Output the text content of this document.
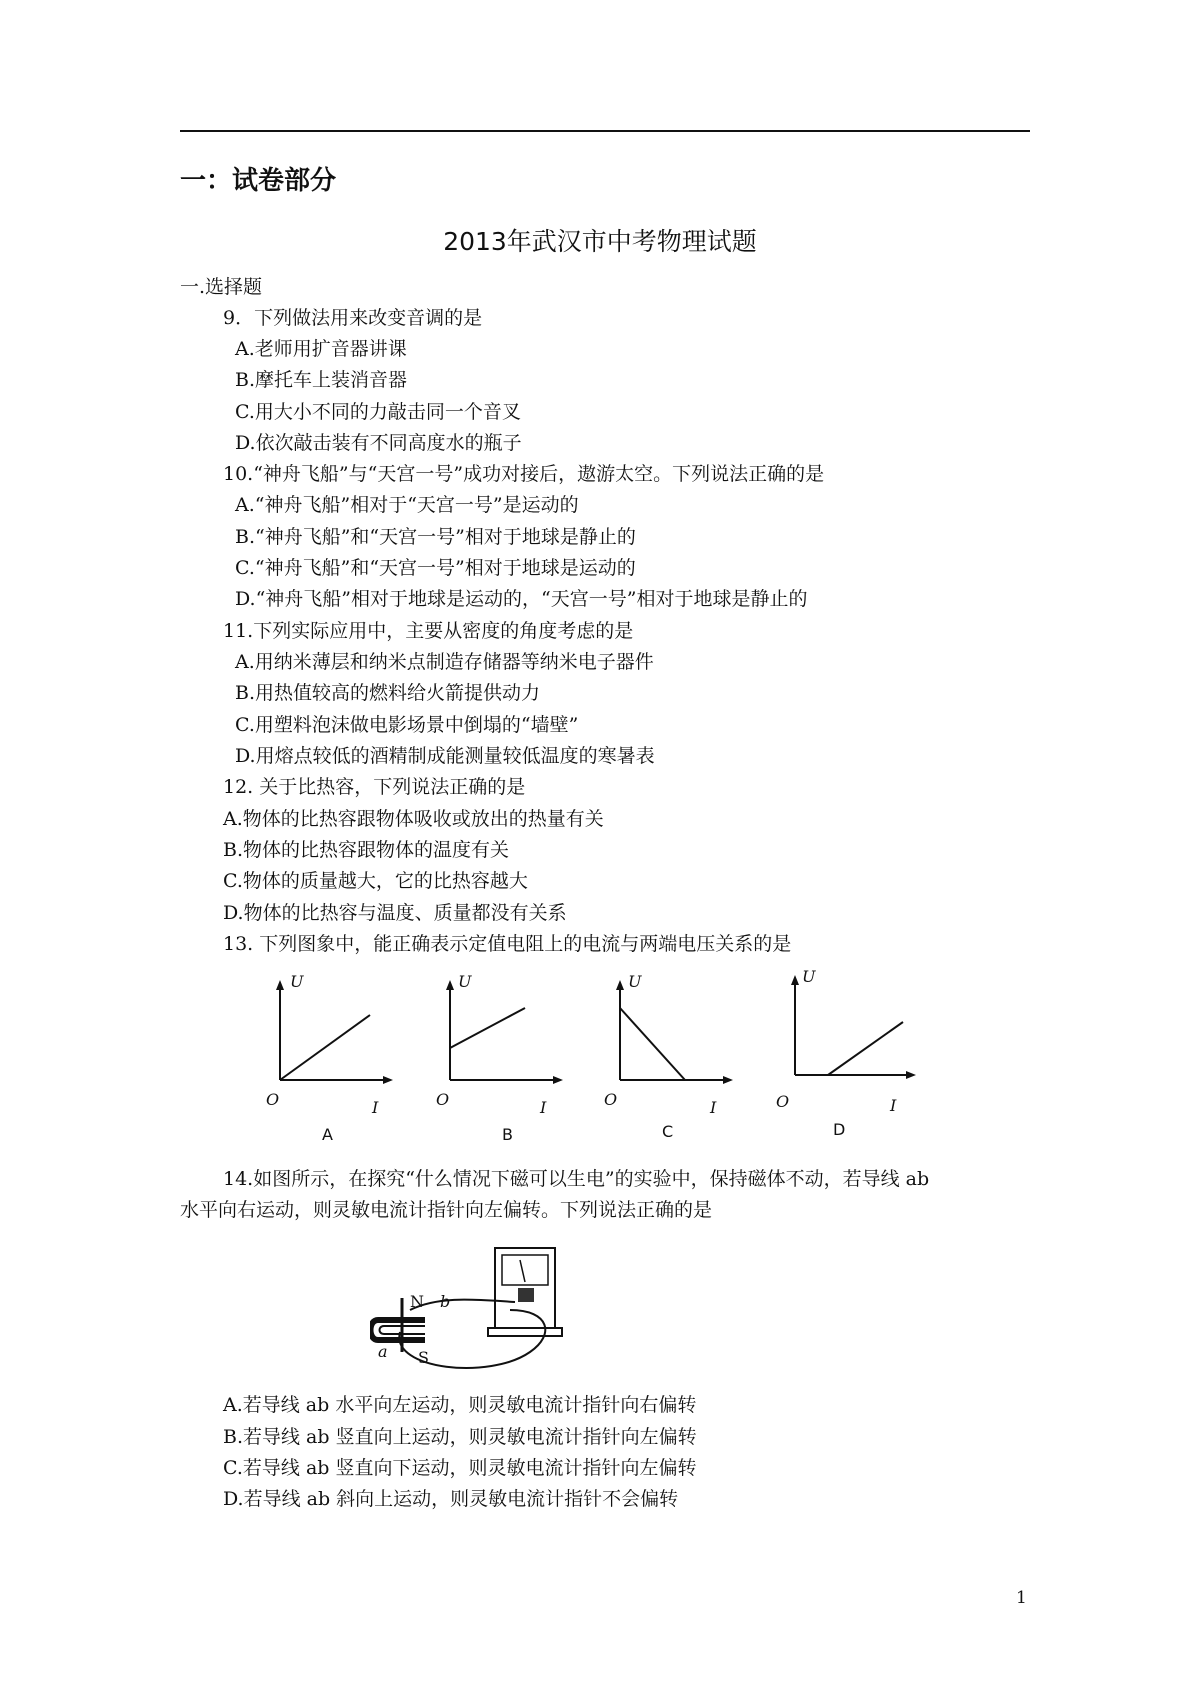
一：试卷部分
2013年武汉市中考物理试题
一.选择题
9．下列做法用来改变音调的是
A.老师用扩音器讲课
B.摩托车上装消音器
C.用大小不同的力敲击同一个音叉
D.依次敲击装有不同高度水的瓶子
10.“神舟飞船”与“天宫一号”成功对接后，遨游太空。下列说法正确的是
A.“神舟飞船”相对于“天宫一号”是运动的
B.“神舟飞船”和“天宫一号”相对于地球是静止的
C.“神舟飞船”和“天宫一号”相对于地球是运动的
D.“神舟飞船”相对于地球是运动的，“天宫一号”相对于地球是静止的
11.下列实际应用中，主要从密度的角度考虑的是
A.用纳米薄层和纳米点制造存储器等纳米电子器件
B.用热值较高的燃料给火箭提供动力
C.用塑料泡沫做电影场景中倒塌的“墙壁”
D.用熔点较低的酒精制成能测量较低温度的寒暑表
12. 关于比热容，下列说法正确的是
A.物体的比热容跟物体吸收或放出的热量有关
B.物体的比热容跟物体的温度有关
C.物体的质量越大，它的比热容越大
D.物体的比热容与温度、质量都没有关系
13. 下列图象中，能正确表示定值电阻上的电流与两端电压关系的是
U
O	I
A
U
O	I
B
U
O	I
C
U
O	I
D
14.如图所示，在探究“什么情况下磁可以生电”的实验中，保持磁体不动，若导线 ab
水平向右运动，则灵敏电流计指针向左偏转。下列说法正确的是
N
S
a
b
A.若导线 ab 水平向左运动，则灵敏电流计指针向右偏转
B.若导线 ab 竖直向上运动，则灵敏电流计指针向左偏转
C.若导线 ab 竖直向下运动，则灵敏电流计指针向左偏转
D.若导线 ab 斜向上运动，则灵敏电流计指针不会偏转
1
